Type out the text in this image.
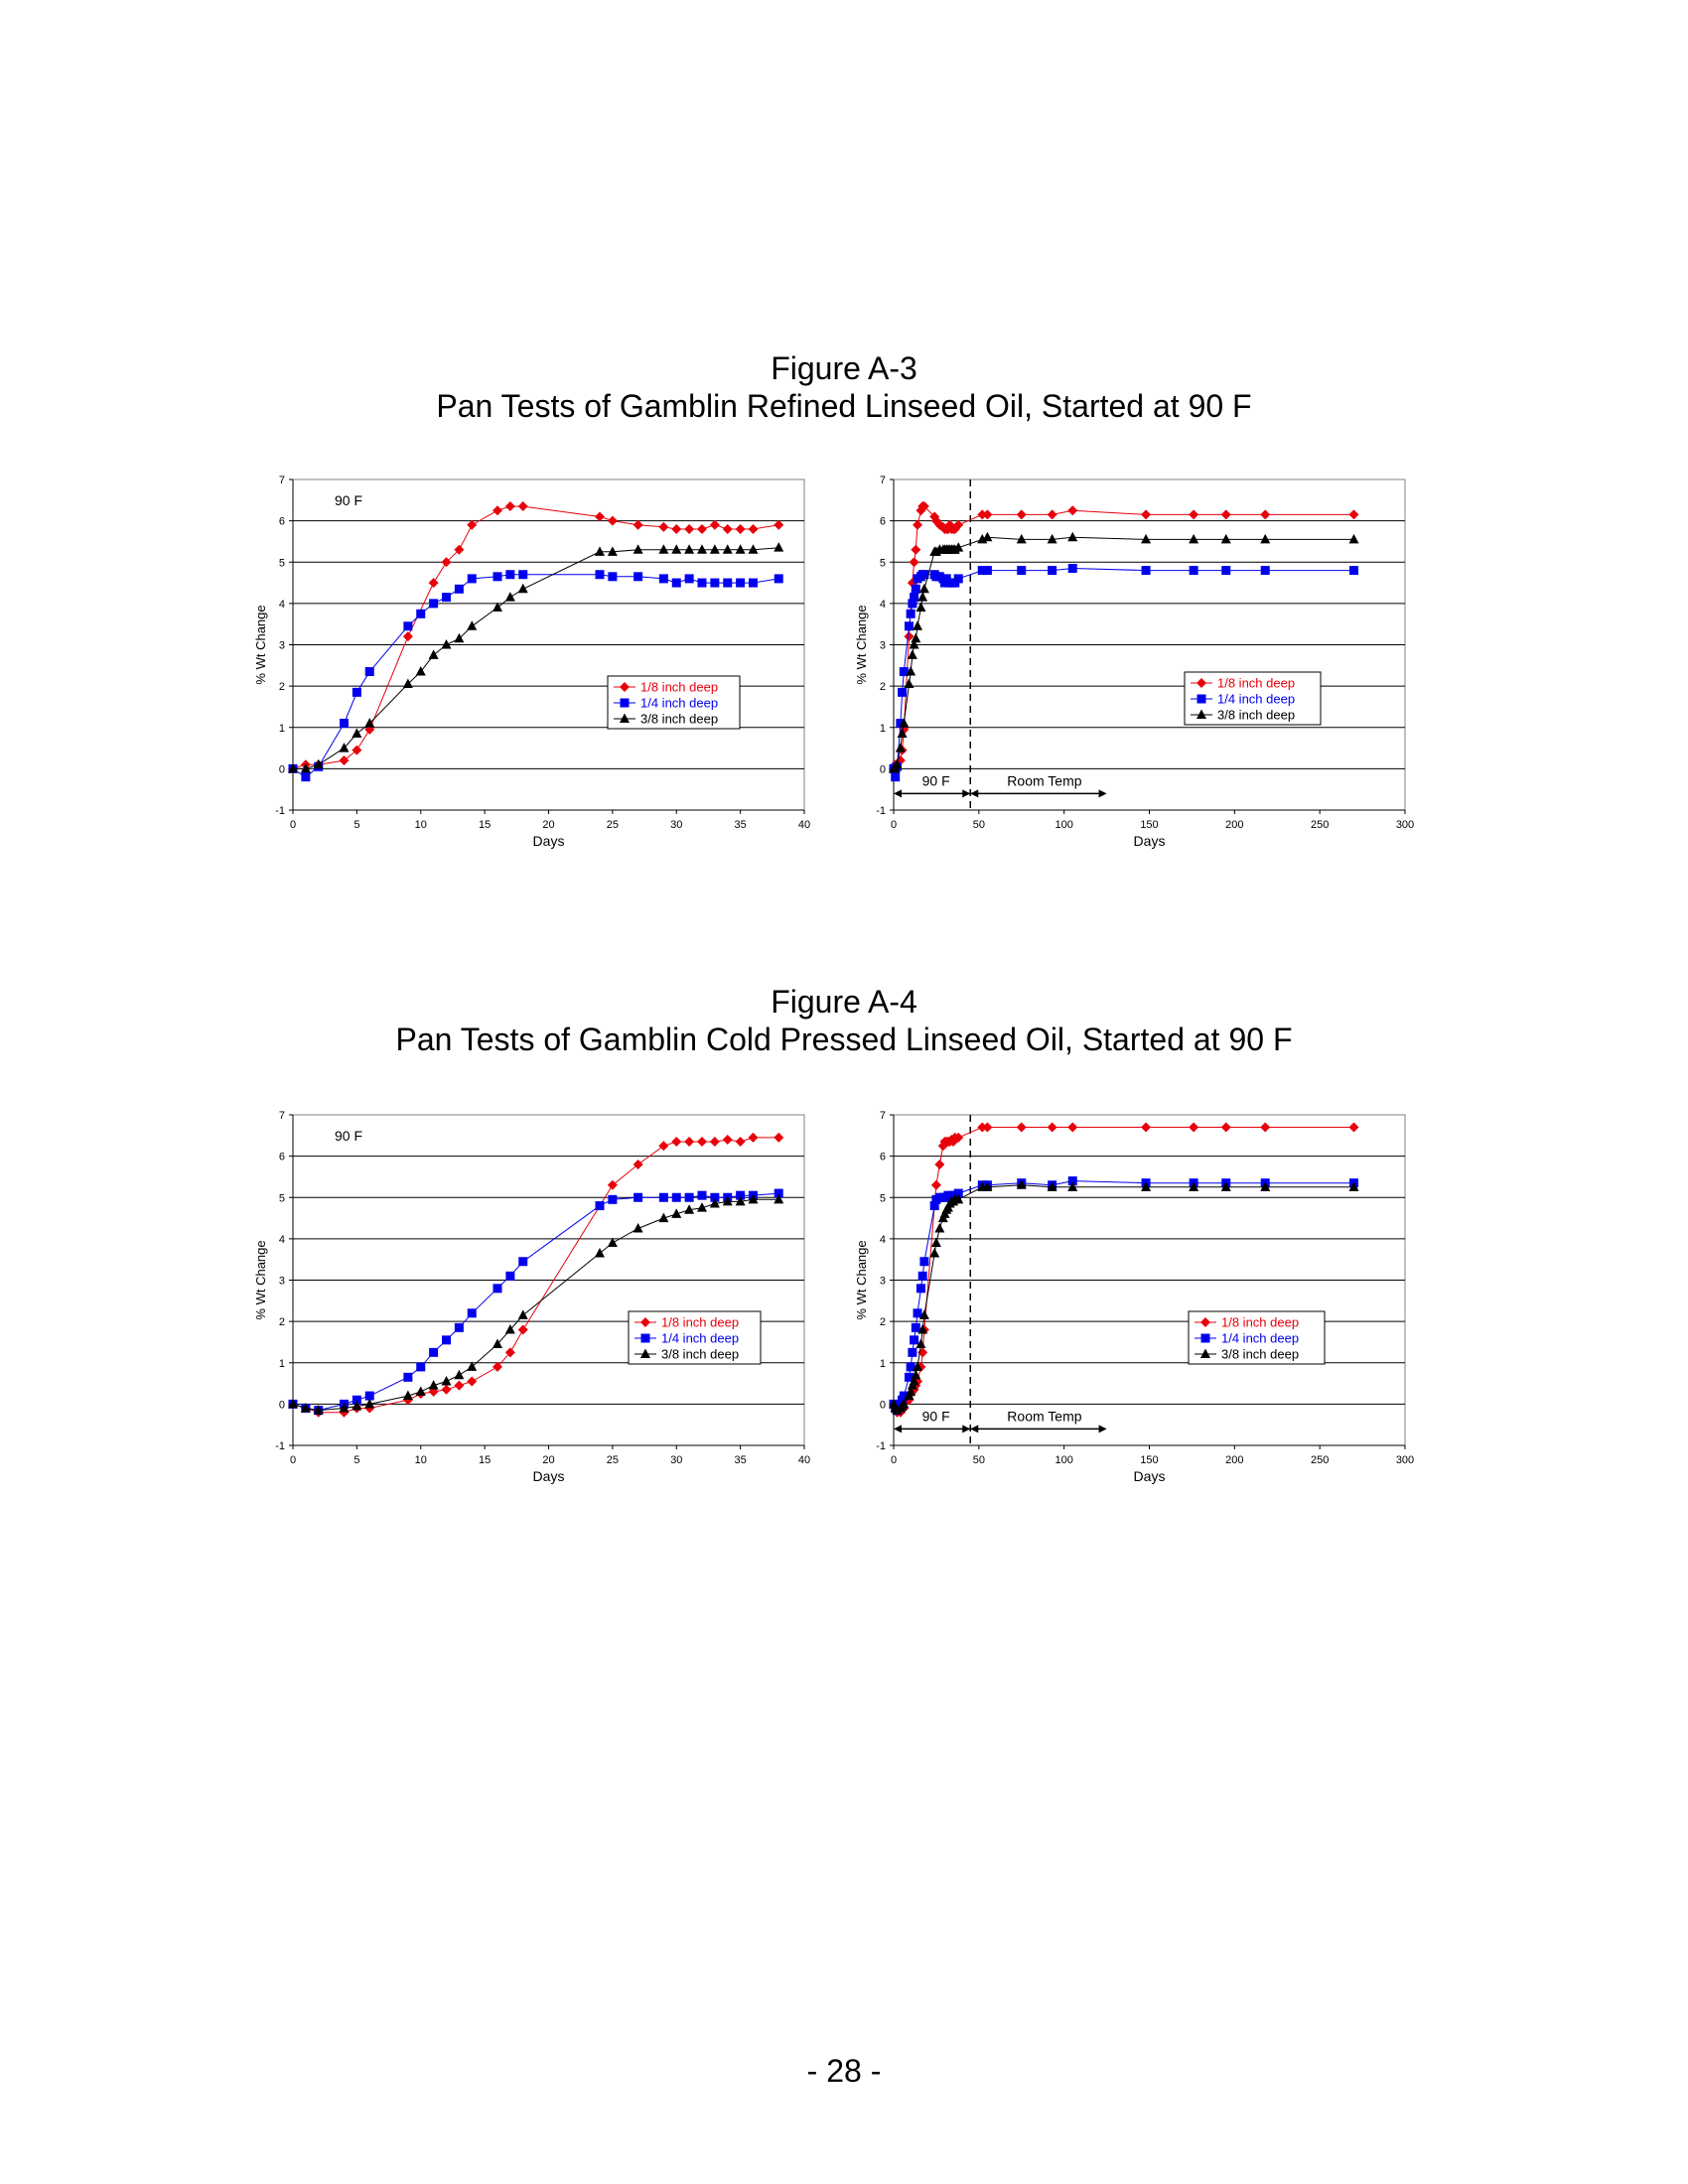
Figure A-3
Pan Tests of Gamblin Refined Linseed Oil, Started at 90 F
-1
0
1
2
3
4
5
6
7
0	5	10	15	20	25	30	35	40
Days
% Wt Change
90 F
1/8 inch deep
1/4 inch deep
3/8 inch deep
-1
0
1
2
3
4
5
6
7
0	50	100	150	200	250	300
Days
% Wt Change
90 F	Room Temp
1/8 inch deep
1/4 inch deep
3/8 inch deep
Figure A-4
Pan Tests of Gamblin Cold Pressed Linseed Oil, Started at 90 F
-1
0
1
2
3
4
5
6
7
0	5	10	15	20	25	30	35	40
Days
% Wt Change
90 F
1/8 inch deep
1/4 inch deep
3/8 inch deep
-1
0
1
2
3
4
5
6
7
0	50	100	150	200	250	300
Days
% Wt Change
90 F	Room Temp
1/8 inch deep
1/4 inch deep
3/8 inch deep
- 28 -
